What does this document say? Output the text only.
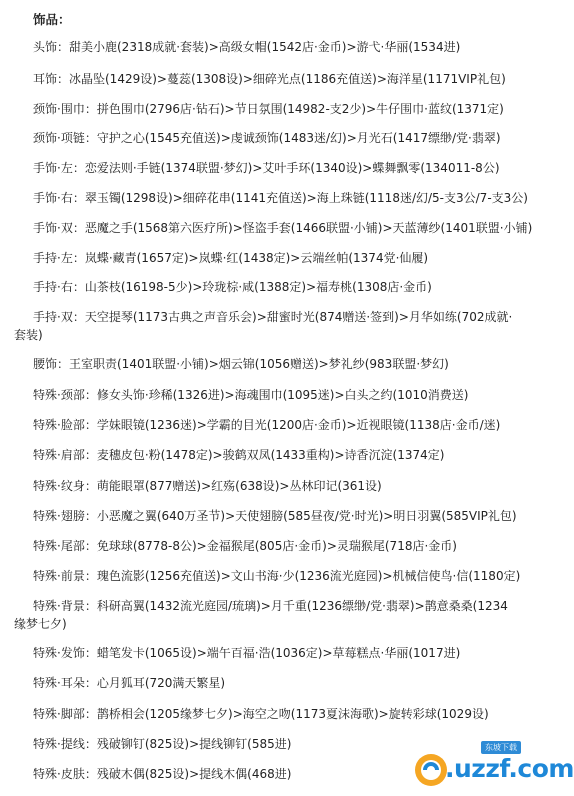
饰品：
头饰：甜美小鹿(2318成就·套装)>高级女帽(1542店·金币)>游弋·华丽(1534进)
耳饰：冰晶坠(1429设)>蔓蕊(1308设)>细碎光点(1186充值送)>海洋星(1171VIP礼包)
颈饰·围巾：拼色围巾(2796店·钻石)>节日氛围(14982-支2少)>牛仔围巾·蓝纹(1371定)
颈饰·项链：守护之心(1545充值送)>虔诚颈饰(1483迷/幻)>月光石(1417缥缈/党·翡翠)
手饰·左：恋爱法则·手链(1374联盟·梦幻)>艾叶手环(1340设)>蝶舞飘零(134011-8公)
手饰·右：翠玉镯(1298设)>细碎花串(1141充值送)>海上珠链(1118迷/幻/5-支3公/7-支3公)
手饰·双：恶魔之手(1568第六医疗所)>怪盗手套(1466联盟·小铺)>天蓝薄纱(1401联盟·小铺)
手持·左：岚蝶·藏青(1657定)>岚蝶·红(1438定)>云端丝帕(1374党·仙履)
手持·右：山茶枝(16198-5少)>玲珑棕·咸(1388定)>福寿桃(1308店·金币)
手持·双：天空提琴(1173古典之声音乐会)>甜蜜时光(874赠送·签到)>月华如练(702成就·套装)
腰饰：王室职责(1401联盟·小铺)>烟云锦(1056赠送)>梦礼纱(983联盟·梦幻)
特殊·颈部：修女头饰·珍稀(1326进)>海魂围巾(1095迷)>白头之约(1010消费送)
特殊·脸部：学妹眼镜(1236迷)>学霸的目光(1200店·金币)>近视眼镜(1138店·金币/迷)
特殊·肩部：麦穗皮包·粉(1478定)>骏鹤双凤(1433重构)>诗香沉淀(1374定)
特殊·纹身：萌能眼罩(877赠送)>红殇(638设)>丛林印记(361设)
特殊·翅膀：小恶魔之翼(640万圣节)>天使翅膀(585昼夜/党·时光)>明日羽翼(585VIP礼包)
特殊·尾部：免球球(8778-8公)>金福猴尾(805店·金币)>灵瑞猴尾(718店·金币)
特殊·前景：瑰色流影(1256充值送)>文山书海·少(1236流光庭园)>机械信使鸟·信(1180定)
特殊·背景：科研高翼(1432流光庭园/琉璃)>月千重(1236缥缈/党·翡翠)>鹊意桑桑(1234缘梦七夕)
特殊·发饰：蜡笔发卡(1065设)>端午百福·浩(1036定)>草莓糕点·华丽(1017进)
特殊·耳朵：心月狐耳(720满天繁星)
特殊·脚部：鹊桥相会(1205缘梦七夕)>海空之吻(1173夏沫海歌)>旋转彩球(1029设)
特殊·提线：残破铆钉(825设)>提线铆钉(585进)
特殊·皮肤：残破木偶(825设)>提线木偶(468进)	.uzzf.com
东坡下载
